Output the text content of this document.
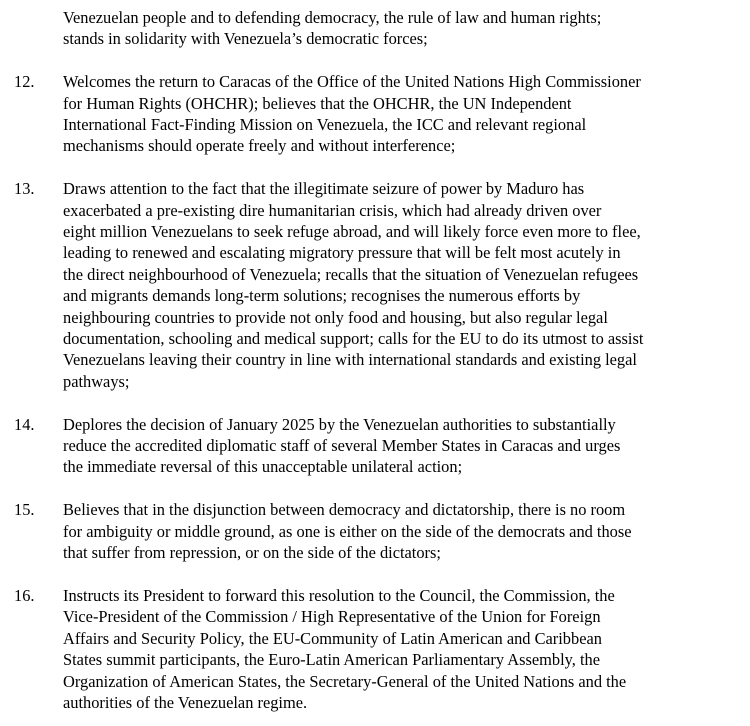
Venezuelan people and to defending democracy, the rule of law and human rights;
stands in solidarity with Venezuela’s democratic forces;
12.	Welcomes the return to Caracas of the Office of the United Nations High Commissioner
for Human Rights (OHCHR); believes that the OHCHR, the UN Independent
International Fact-Finding Mission on Venezuela, the ICC and relevant regional
mechanisms should operate freely and without interference;
13.	Draws attention to the fact that the illegitimate seizure of power by Maduro has
exacerbated a pre-existing dire humanitarian crisis, which had already driven over
eight million Venezuelans to seek refuge abroad, and will likely force even more to flee,
leading to renewed and escalating migratory pressure that will be felt most acutely in
the direct neighbourhood of Venezuela; recalls that the situation of Venezuelan refugees
and migrants demands long-term solutions; recognises the numerous efforts by
neighbouring countries to provide not only food and housing, but also regular legal
documentation, schooling and medical support; calls for the EU to do its utmost to assist
Venezuelans leaving their country in line with international standards and existing legal
pathways;
14.	Deplores the decision of January 2025 by the Venezuelan authorities to substantially
reduce the accredited diplomatic staff of several Member States in Caracas and urges
the immediate reversal of this unacceptable unilateral action;
15.	Believes that in the disjunction between democracy and dictatorship, there is no room
for ambiguity or middle ground, as one is either on the side of the democrats and those
that suffer from repression, or on the side of the dictators;
16.	Instructs its President to forward this resolution to the Council, the Commission, the
Vice-President of the Commission / High Representative of the Union for Foreign
Affairs and Security Policy, the EU-Community of Latin American and Caribbean
States summit participants, the Euro-Latin American Parliamentary Assembly, the
Organization of American States, the Secretary-General of the United Nations and the
authorities of the Venezuelan regime.
